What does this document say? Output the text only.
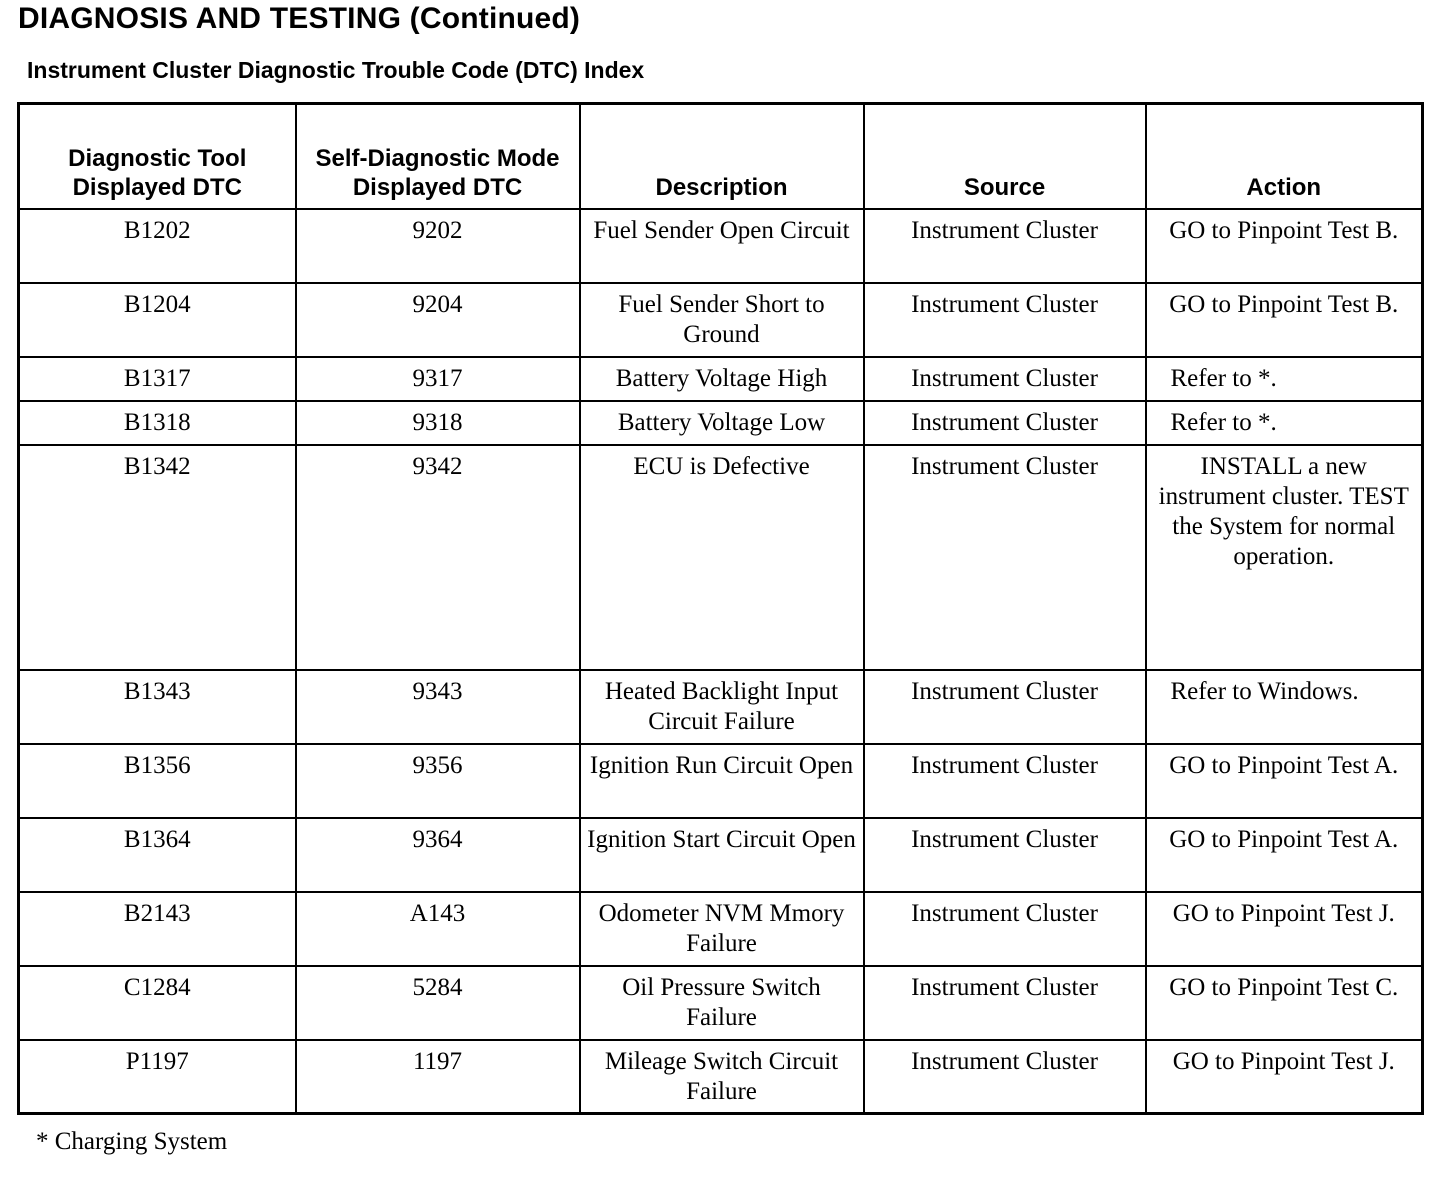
DIAGNOSIS AND TESTING (Continued)
Instrument Cluster Diagnostic Trouble Code (DTC) Index
Diagnostic Tool Displayed DTC	Self-Diagnostic Mode Displayed DTC	Description	Source	Action
B1202	9202	Fuel Sender Open Circuit	Instrument Cluster	GO to Pinpoint Test B.
B1204	9204	Fuel Sender Short to Ground	Instrument Cluster	GO to Pinpoint Test B.
B1317	9317	Battery Voltage High	Instrument Cluster	Refer to *.
B1318	9318	Battery Voltage Low	Instrument Cluster	Refer to *.
B1342	9342	ECU is Defective	Instrument Cluster	INSTALL a new instrument cluster. TEST the System for normal operation.
B1343	9343	Heated Backlight Input Circuit Failure	Instrument Cluster	Refer to Windows.
B1356	9356	Ignition Run Circuit Open	Instrument Cluster	GO to Pinpoint Test A.
B1364	9364	Ignition Start Circuit Open	Instrument Cluster	GO to Pinpoint Test A.
B2143	A143	Odometer NVM Mmory Failure	Instrument Cluster	GO to Pinpoint Test J.
C1284	5284	Oil Pressure Switch Failure	Instrument Cluster	GO to Pinpoint Test C.
P1197	1197	Mileage Switch Circuit Failure	Instrument Cluster	GO to Pinpoint Test J.
* Charging System
